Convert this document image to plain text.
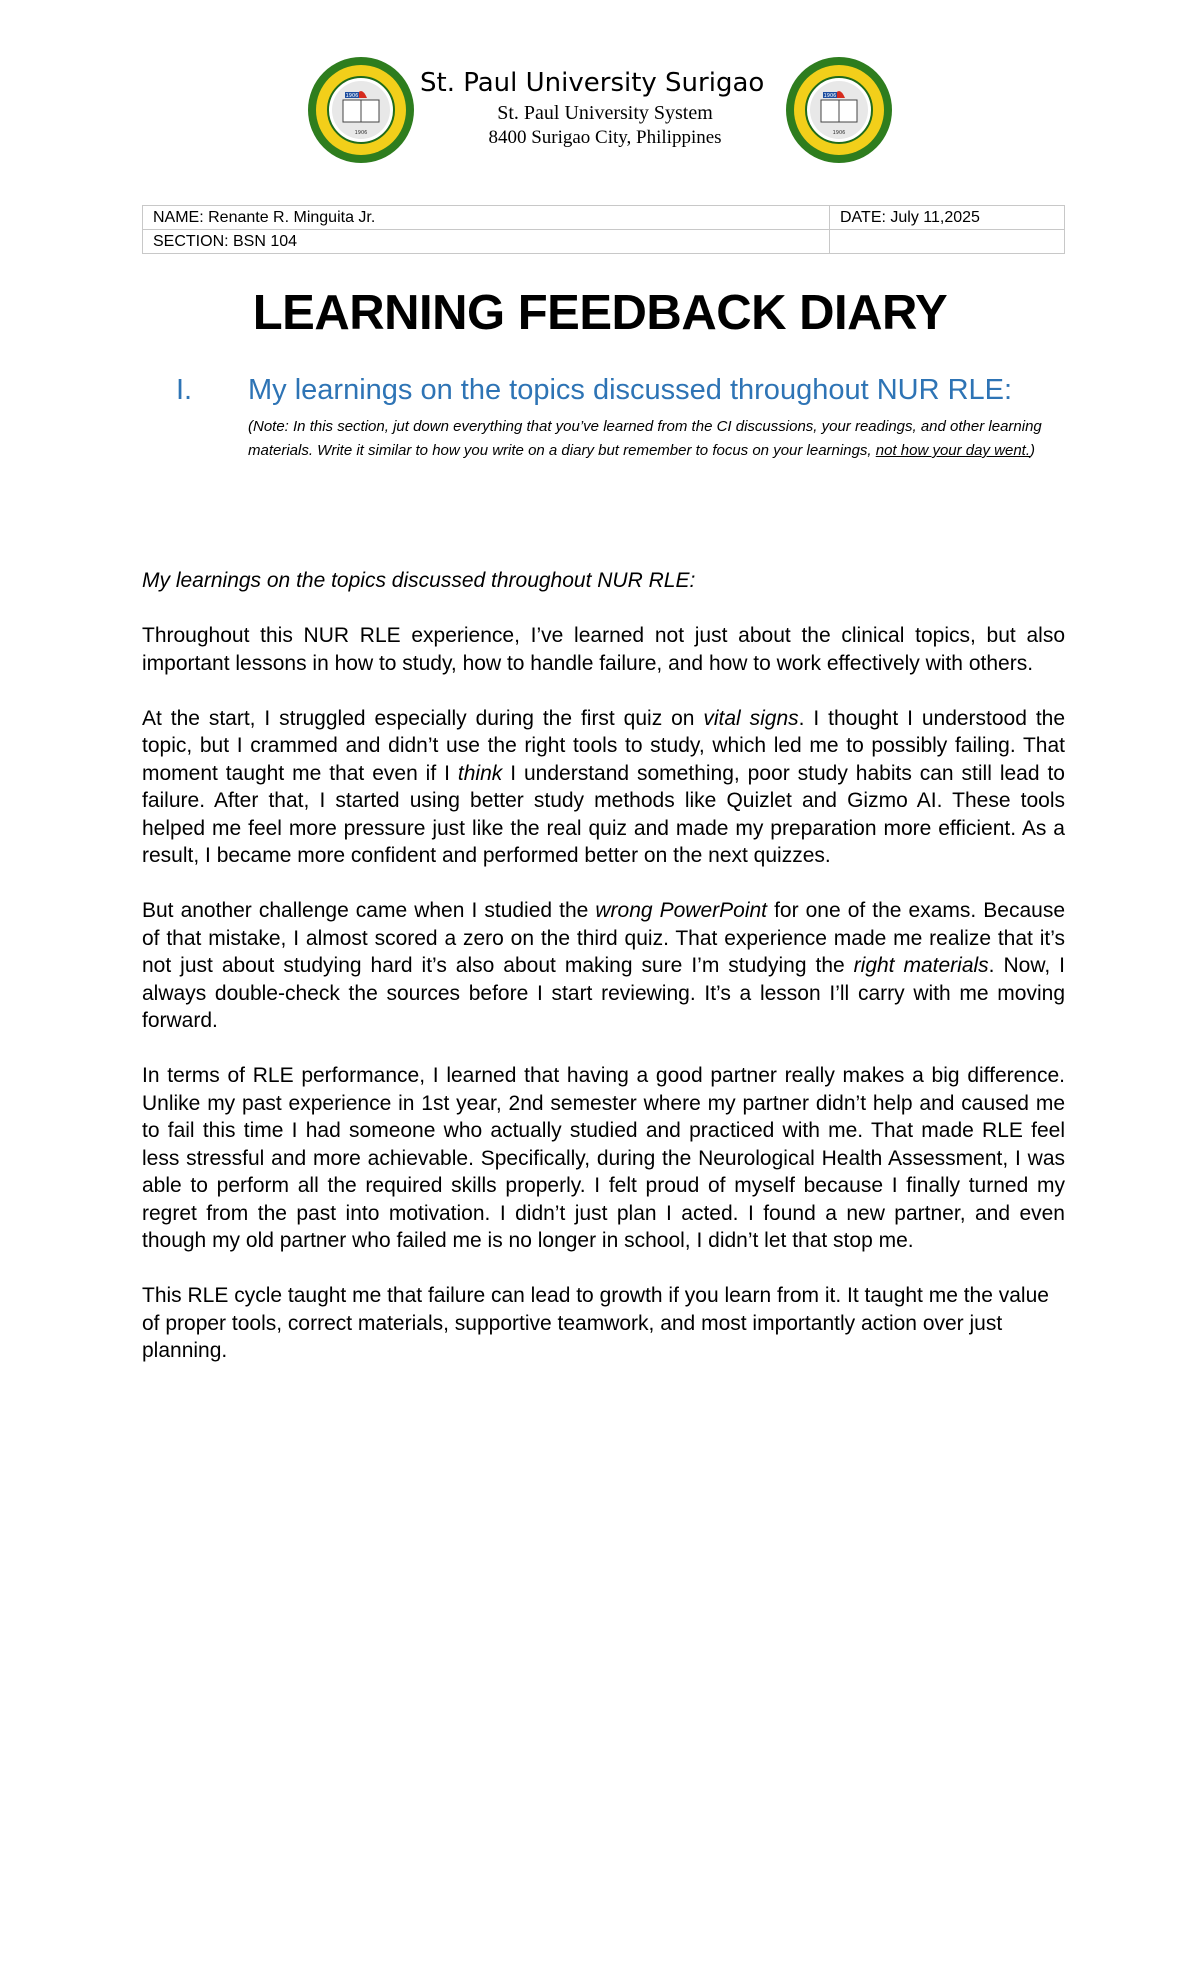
1906
1906
1906
1906
St. Paul University Surigao
St. Paul University System
8400 Surigao City, Philippines
NAME: Renante R. Minguita Jr.	DATE: July 11,2025
SECTION: BSN 104	
LEARNING FEEDBACK DIARY
I. My learnings on the topics discussed throughout NUR RLE:
(Note: In this section, jut down everything that you’ve learned from the CI discussions, your readings, and other learning materials. Write it similar to how you write on a diary but remember to focus on your learnings, not how your day went.)

My learnings on the topics discussed throughout NUR RLE:

Throughout this NUR RLE experience, I’ve learned not just about the clinical topics, but also important lessons in how to study, how to handle failure, and how to work effectively with others.

At the start, I struggled especially during the first quiz on vital signs. I thought I understood the topic, but I crammed and didn’t use the right tools to study, which led me to possibly failing. That moment taught me that even if I think I understand something, poor study habits can still lead to failure. After that, I started using better study methods like Quizlet and Gizmo AI. These tools helped me feel more pressure just like the real quiz and made my preparation more efficient. As a result, I became more confident and performed better on the next quizzes.

But another challenge came when I studied the wrong PowerPoint for one of the exams. Because of that mistake, I almost scored a zero on the third quiz. That experience made me realize that it’s not just about studying hard it’s also about making sure I’m studying the right materials. Now, I always double-check the sources before I start reviewing. It’s a lesson I’ll carry with me moving forward.

In terms of RLE performance, I learned that having a good partner really makes a big difference. Unlike my past experience in 1st year, 2nd semester where my partner didn’t help and caused me to fail this time I had someone who actually studied and practiced with me. That made RLE feel less stressful and more achievable. Specifically, during the Neurological Health Assessment, I was able to perform all the required skills properly. I felt proud of myself because I finally turned my regret from the past into motivation. I didn’t just plan I acted. I found a new partner, and even though my old partner who failed me is no longer in school, I didn’t let that stop me.

This RLE cycle taught me that failure can lead to growth if you learn from it. It taught me the value of proper tools, correct materials, supportive teamwork, and most importantly action over just planning.
